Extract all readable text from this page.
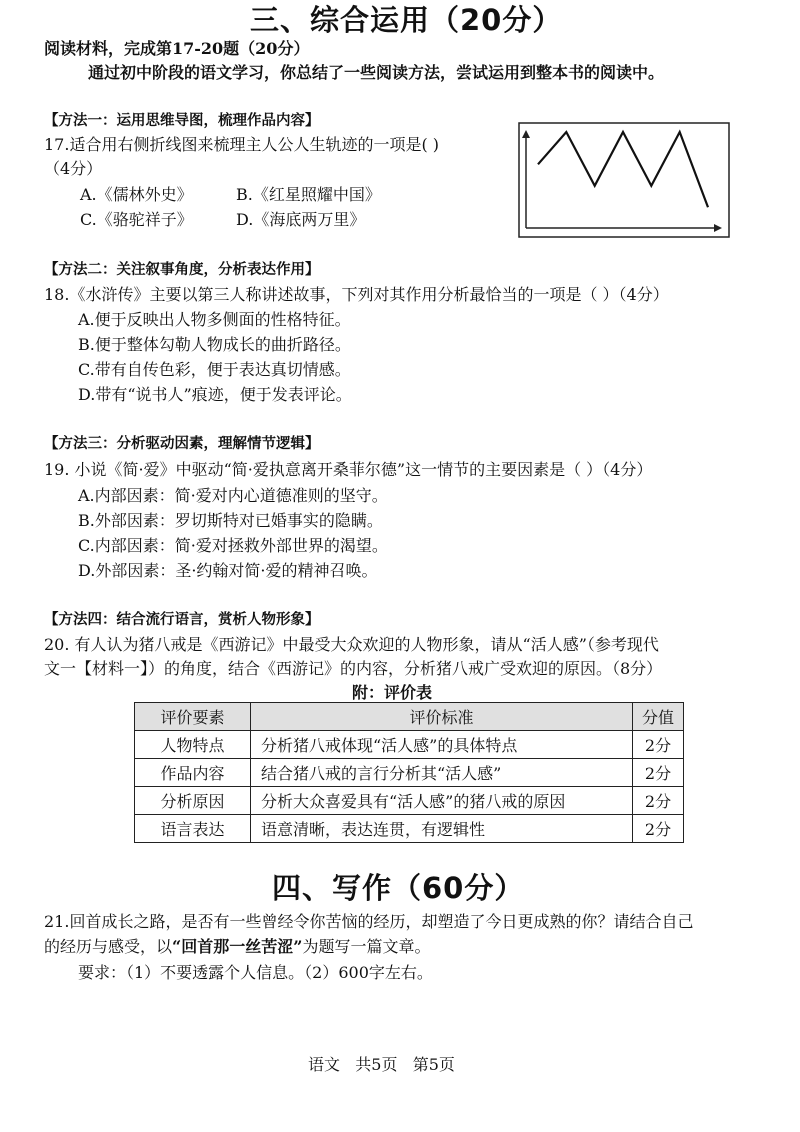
三、综合运用（20分）
阅读材料，完成第17-20题（20分）
通过初中阶段的语文学习，你总结了一些阅读方法，尝试运用到整本书的阅读中。
【方法一：运用思维导图，梳理作品内容】
17.适合用右侧折线图来梳理主人公人生轨迹的一项是( )
（4分）
A.《儒林外史》	B.《红星照耀中国》
C.《骆驼祥子》	D.《海底两万里》
【方法二：关注叙事角度，分析表达作用】
18.《水浒传》主要以第三人称讲述故事，下列对其作用分析最恰当的一项是（ ）（4分）
A.便于反映出人物多侧面的性格特征。
B.便于整体勾勒人物成长的曲折路径。
C.带有自传色彩，便于表达真切情感。
D.带有“说书人”痕迹，便于发表评论。
【方法三：分析驱动因素，理解情节逻辑】
19. 小说《简·爱》中驱动“简·爱执意离开桑菲尔德”这一情节的主要因素是（ ）（4分）
A.内部因素：简·爱对内心道德准则的坚守。
B.外部因素：罗切斯特对已婚事实的隐瞒。
C.内部因素：简·爱对拯救外部世界的渴望。
D.外部因素：圣·约翰对简·爱的精神召唤。
【方法四：结合流行语言，赏析人物形象】
20. 有人认为猪八戒是《西游记》中最受大众欢迎的人物形象，请从“活人感”（参考现代
文一【材料一】）的角度，结合《西游记》的内容，分析猪八戒广受欢迎的原因。（8分）
附：评价表
评价要素	评价标准	分值
人物特点	分析猪八戒体现“活人感”的具体特点	2分
作品内容	结合猪八戒的言行分析其“活人感”	2分
分析原因	分析大众喜爱具有“活人感”的猪八戒的原因	2分
语言表达	语意清晰，表达连贯，有逻辑性	2分
四、写作（60分）
21.回首成长之路，是否有一些曾经令你苦恼的经历，却塑造了今日更成熟的你？请结合自己
的经历与感受，以“回首那一丝苦涩”为题写一篇文章。
要求：（1）不要透露个人信息。（2）600字左右。
语文   共5页   第5页
